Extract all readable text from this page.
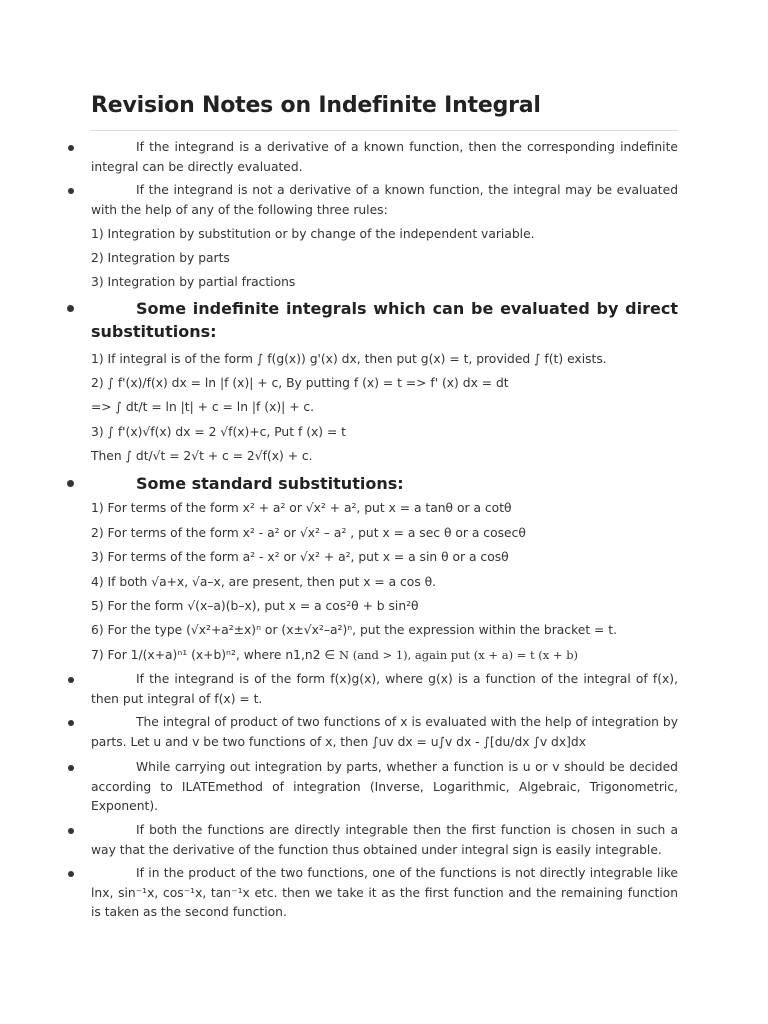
Revision Notes on Indefinite Integral
If the integrand is a derivative of a known function, then the corresponding indefinite integral can be directly evaluated.
If the integrand is not a derivative of a known function, the integral may be evaluated with the help of any of the following three rules:
1) Integration by substitution or by change of the independent variable.
2) Integration by parts
3) Integration by partial fractions
Some indefinite integrals which can be evaluated by direct substitutions:
1) If integral is of the form ∫ f(g(x)) g'(x) dx, then put g(x) = t, provided ∫ f(t) exists.
2) ∫ f'(x)/f(x) dx = ln |f (x)| + c, By putting f (x) = t => f' (x) dx = dt
=> ∫ dt/t = ln |t| + c = ln |f (x)| + c.
3) ∫ f'(x)√f(x) dx = 2 √f(x)+c, Put f (x) = t
Then ∫ dt/√t = 2√t + c = 2√f(x) + c.
Some standard substitutions:
1) For terms of the form x² + a² or √x² + a², put x = a tanθ or a cotθ
2) For terms of the form x² - a² or √x² – a² , put x = a sec θ or a cosecθ
3) For terms of the form a² - x² or √x² + a², put x = a sin θ or a cosθ
4) If both √a+x, √a–x, are present, then put x = a cos θ.
5) For the form √(x–a)(b–x), put x = a cos²θ + b sin²θ
6) For the type (√x²+a²±x)ⁿ or (x±√x²–a²)ⁿ, put the expression within the bracket = t.
7) For 1/(x+a)ⁿ¹ (x+b)ⁿ², where n1,n2 ∈ N (and > 1), again put (x + a) = t (x + b)
If the integrand is of the form f(x)g(x), where g(x) is a function of the integral of f(x), then put integral of f(x) = t.
The integral of product of two functions of x is evaluated with the help of integration by parts. Let u and v be two functions of x, then ∫uv dx = u∫v dx - ∫[du/dx ∫v dx]dx
While carrying out integration by parts, whether a function is u or v should be decided according to ILATEmethod of integration (Inverse, Logarithmic, Algebraic, Trigonometric, Exponent).
If both the functions are directly integrable then the first function is chosen in such a way that the derivative of the function thus obtained under integral sign is easily integrable.
If in the product of the two functions, one of the functions is not directly integrable like lnx, sin⁻¹x, cos⁻¹x, tan⁻¹x etc. then we take it as the first function and the remaining function is taken as the second function.
